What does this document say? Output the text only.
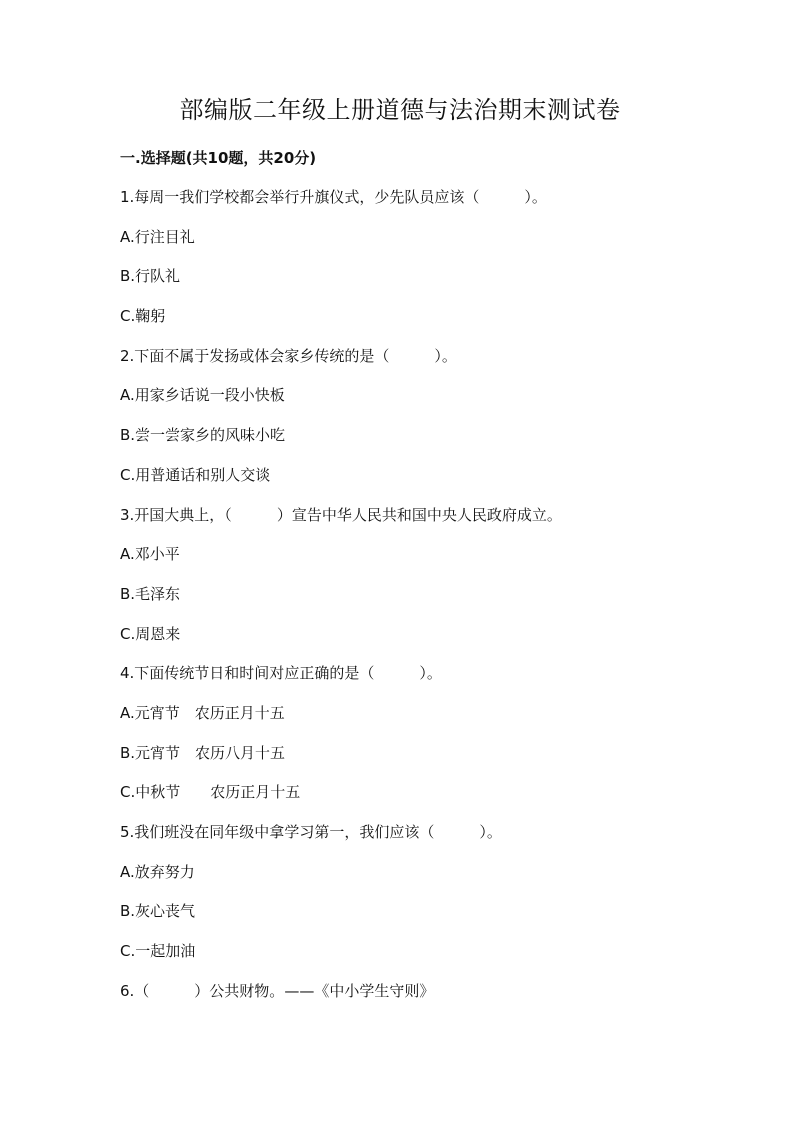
部编版二年级上册道德与法治期末测试卷
一.选择题(共10题，共20分)
1.每周一我们学校都会举行升旗仪式，少先队员应该（　　　）。
A.行注目礼
B.行队礼
C.鞠躬
2.下面不属于发扬或体会家乡传统的是（　　　）。
A.用家乡话说一段小快板
B.尝一尝家乡的风味小吃
C.用普通话和别人交谈
3.开国大典上，（　　　）宣告中华人民共和国中央人民政府成立。
A.邓小平
B.毛泽东
C.周恩来
4.下面传统节日和时间对应正确的是（　　　）。
A.元宵节　农历正月十五
B.元宵节　农历八月十五
C.中秋节　　农历正月十五
5.我们班没在同年级中拿学习第一，我们应该（　　　）。
A.放弃努力
B.灰心丧气
C.一起加油
6.（　　　）公共财物。——《中小学生守则》
